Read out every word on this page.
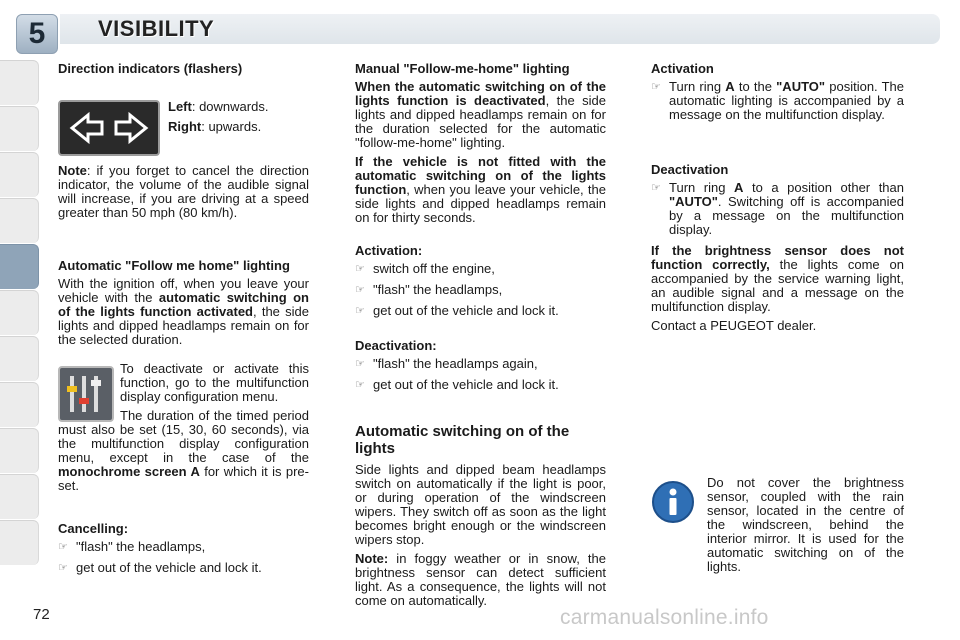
5	VISIBILITY
Direction indicators (flashers)

Left: downwards.

Right: upwards.

Note: if you forget to cancel the direction indicator, the volume of the audible signal will increase, if you are driving at a speed greater than 50 mph (80 km/h).

Automatic "Follow me home" lighting

With the ignition off, when you leave your vehicle with the automatic switching on of the lights function activated, the side lights and dipped headlamps remain on for the selected duration.

To deactivate or activate this function, go to the multifunction display configuration menu.

The duration of the timed period must also be set (15, 30, 60 seconds), via the multifunction display configuration menu, except in the case of the monochrome screen A for which it is pre-set.

Cancelling:
☞ "flash" the headlamps,
☞ get out of the vehicle and lock it.
Manual "Follow-me-home" lighting

When the automatic switching on of the lights function is deactivated, the side lights and dipped headlamps remain on for the duration selected for the automatic "follow-me-home" lighting.

If the vehicle is not fitted with the automatic switching on of the lights function, when you leave your vehicle, the side lights and dipped headlamps remain on for thirty seconds.

Activation:
☞ switch off the engine,
☞ "flash" the headlamps,
☞ get out of the vehicle and lock it.
Deactivation:
☞ "flash" the headlamps again,
☞ get out of the vehicle and lock it.
Automatic switching on of the lights

Side lights and dipped beam headlamps switch on automatically if the light is poor, or during operation of the windscreen wipers. They switch off as soon as the light becomes bright enough or the windscreen wipers stop.

Note: in foggy weather or in snow, the brightness sensor can detect sufficient light. As a consequence, the lights will not come on automatically.

Activation
☞ Turn ring A to the "AUTO" position. The automatic lighting is accompanied by a message on the multifunction display.
Deactivation
☞ Turn ring A to a position other than "AUTO". Switching off is accompanied by a message on the multifunction display.

If the brightness sensor does not function correctly, the lights come on accompanied by the service warning light, an audible signal and a message on the multifunction display.

Contact a PEUGEOT dealer.

Do not cover the brightness sensor, coupled with the rain sensor, located in the centre of the windscreen, behind the interior mirror. It is used for the automatic switching on of the lights.

72	carmanualsonline.info
